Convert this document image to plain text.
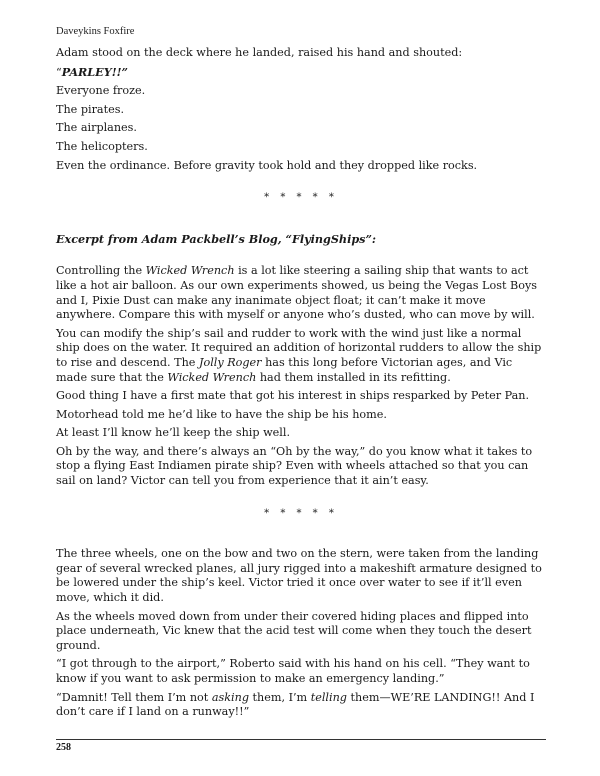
Daveykins Foxfire

Adam stood on the deck where he landed, raised his hand and shouted:

“PARLEY!!”

Everyone froze.

The pirates.

The airplanes.

The helicopters.

Even the ordinance. Before gravity took hold and they dropped like rocks.

* * * * *

Excerpt from Adam Packbell’s Blog, “FlyingShips”:

Controlling the Wicked Wrench is a lot like steering a sailing ship that wants to act like a hot air balloon. As our own experiments showed, us being the Vegas Lost Boys and I, Pixie Dust can make any inanimate object float; it can’t make it move anywhere. Compare this with myself or anyone who’s dusted, who can move by will.

You can modify the ship’s sail and rudder to work with the wind just like a normal ship does on the water. It required an addition of horizontal rudders to allow the ship to rise and descend. The Jolly Roger has this long before Victorian ages, and Vic made sure that the Wicked Wrench had them installed in its refitting.

Good thing I have a first mate that got his interest in ships resparked by Peter Pan.

Motorhead told me he’d like to have the ship be his home.

At least I’ll know he’ll keep the ship well.

Oh by the way, and there’s always an “Oh by the way,” do you know what it takes to stop a flying East Indiamen pirate ship? Even with wheels attached so that you can sail on land? Victor can tell you from experience that it ain’t easy.

* * * * *

The three wheels, one on the bow and two on the stern, were taken from the landing gear of several wrecked planes, all jury rigged into a makeshift armature designed to be lowered under the ship’s keel. Victor tried it once over water to see if it’ll even move, which it did.

As the wheels moved down from under their covered hiding places and flipped into place underneath, Vic knew that the acid test will come when they touch the desert ground.

“I got through to the airport,” Roberto said with his hand on his cell. “They want to know if you want to ask permission to make an emergency landing.”

“Damnit! Tell them I’m not asking them, I’m telling them—WE’RE LANDING!! And I don’t care if I land on a runway!!”

258
